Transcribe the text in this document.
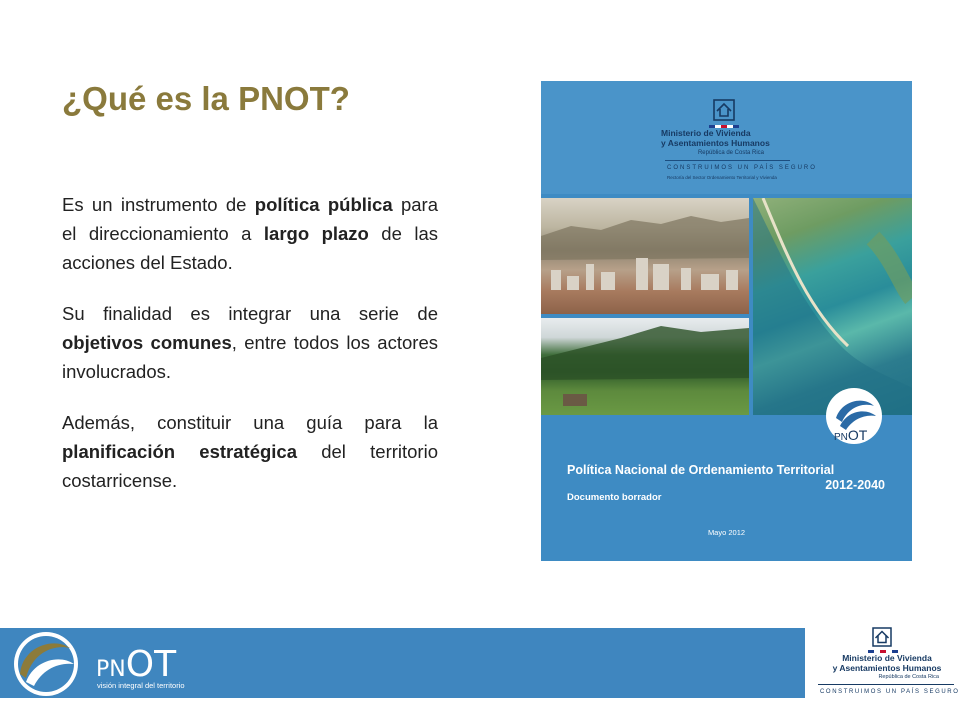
¿Qué es la PNOT?

Es un instrumento de política pública para el direccionamiento a largo plazo de las acciones del Estado.

Su finalidad es integrar una serie de objetivos comunes, entre todos los actores involucrados.

Además, constituir una guía para la planificación estratégica del territorio costarricense.

Ministerio de Vivienda
y Asentamientos Humanos
República de Costa Rica
CONSTRUIMOS UN PAÍS SEGURO
Rectoría del Sector Ordenamiento Territorial y Vivienda
PNOT
Política Nacional de Ordenamiento Territorial
2012-2040
Documento borrador
Mayo 2012
PNOT
visión integral del territorio
Ministerio de Vivienda
y Asentamientos Humanos
República de Costa Rica
CONSTRUIMOS UN PAÍS SEGURO
